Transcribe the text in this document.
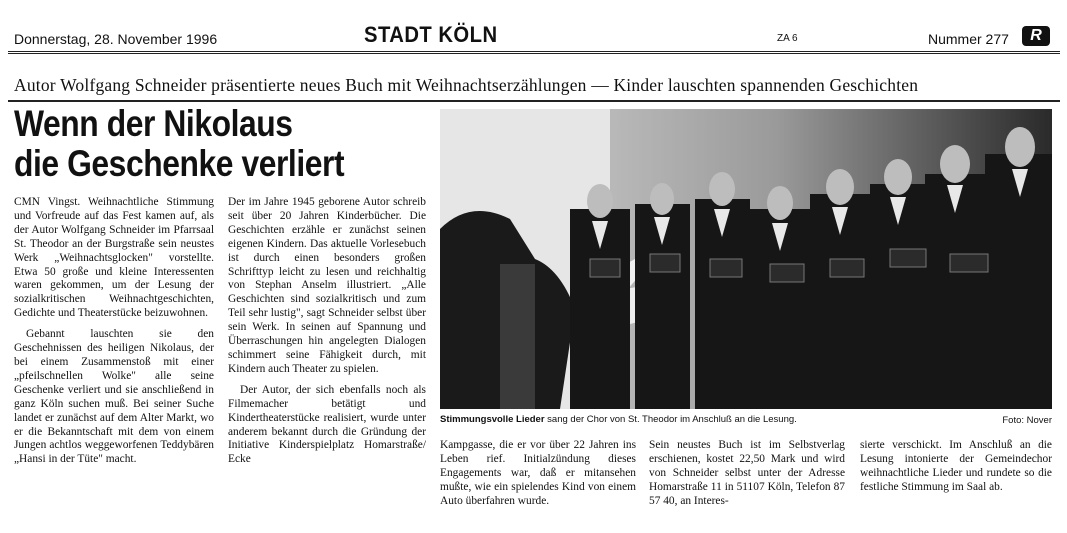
Donnerstag, 28. November 1996	STADT KÖLN	ZA 6	Nummer 277	R
Autor Wolfgang Schneider präsentierte neues Buch mit Weihnachtserzählungen — Kinder lauschten spannenden Geschichten
Wenn der Nikolaus
die Geschenke verliert

CMN Vingst. Weihnachtliche Stimmung und Vorfreude auf das Fest kamen auf, als der Autor Wolfgang Schneider im Pfarrsaal St. Theodor an der Burgstraße sein neustes Werk „Weihnachtsglocken" vorstellte. Etwa 50 große und kleine Interessenten waren gekommen, um der Lesung der sozialkritischen Weihnachtgeschichten, Gedichte und Theaterstücke beizuwohnen.

Gebannt lauschten sie den Geschehnissen des heiligen Nikolaus, der bei einem Zusammenstoß mit einer „pfeilschnellen Wolke" alle seine Geschenke verliert und sie anschließend in ganz Köln suchen muß. Bei seiner Suche landet er zunächst auf dem Alter Markt, wo er die Bekanntschaft mit dem von einem Jungen achtlos weggeworfenen Teddybären „Hansi in der Tüte" macht.

Der im Jahre 1945 geborene Autor schreib seit über 20 Jahren Kinderbücher. Die Geschichten erzähle er zunächst seinen eigenen Kindern. Das aktuelle Vorlesebuch ist durch einen besonders großen Schrifttyp leicht zu lesen und reichhaltig von Stephan Anselm illustriert. „Alle Geschichten sind sozialkritisch und zum Teil sehr lustig", sagt Schneider selbst über sein Werk. In seinen auf Spannung und Überraschungen hin angelegten Dialogen schimmert seine Fähigkeit durch, mit Kindern auch Theater zu spielen.

Der Autor, der sich ebenfalls noch als Filmemacher betätigt und Kindertheaterstücke realisiert, wurde unter anderem bekannt durch die Gründung der Initiative Kinderspielplatz Homarstraße/ Ecke

Stimmungsvolle Lieder sang der Chor von St. Theodor im Anschluß an die Lesung.	Foto: Nover

Kampgasse, die er vor über 22 Jahren ins Leben rief. Initialzündung dieses Engagements war, daß er mitansehen mußte, wie ein spielendes Kind von einem Auto überfahren wurde.

Sein neustes Buch ist im Selbstverlag erschienen, kostet 22,50 Mark und wird von Schneider selbst unter der Adresse Homarstraße 11 in 51107 Köln, Telefon 87 57 40, an Interes-

sierte verschickt. Im Anschluß an die Lesung intonierte der Gemeindechor weihnachtliche Lieder und rundete so die festliche Stimmung im Saal ab.
